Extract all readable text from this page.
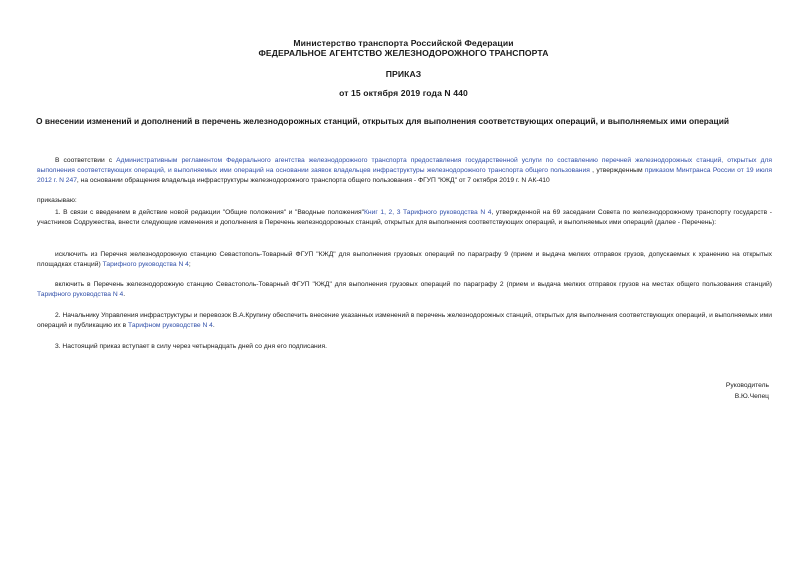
Министерство транспорта Российской Федерации
ФЕДЕРАЛЬНОЕ АГЕНТСТВО ЖЕЛЕЗНОДОРОЖНОГО ТРАНСПОРТА
ПРИКАЗ
от 15 октября 2019 года N 440
О внесении изменений и дополнений в перечень железнодорожных станций, открытых для выполнения соответствующих операций, и выполняемых ими операций

В соответствии с Административным регламентом Федерального агентства железнодорожного транспорта предоставления государственной услуги по составлению перечней железнодорожных станций, открытых для выполнения соответствующих операций, и выполняемых ими операций на основании заявок владельцев инфраструктуры железнодорожного транспорта общего пользования , утвержденным приказом Минтранса России от 19 июля 2012 г. N 247, на основании обращения владельца инфраструктуры железнодорожного транспорта общего пользования - ФГУП "КЖД" от 7 октября 2019 г. N АК-410

приказываю:

1. В связи с введением в действие новой редакции "Общие положения" и "Вводные положения"Книг 1, 2, 3 Тарифного руководства N 4, утвержденной на 69 заседании Совета по железнодорожному транспорту государств - участников Содружества, внести следующие изменения и дополнения в Перечень железнодорожных станций, открытых для выполнения соответствующих операций, и выполняемых ими операций (далее - Перечень):

исключить из Перечня железнодорожную станцию Севастополь-Товарный ФГУП "КЖД" для выполнения грузовых операций по параграфу 9 (прием и выдача мелких отправок грузов, допускаемых к хранению на открытых площадках станций) Тарифного руководства N 4;

включить в Перечень железнодорожную станцию Севастополь-Товарный ФГУП "КЖД" для выполнения грузовых операций по параграфу 2 (прием и выдача мелких отправок грузов на местах общего пользования станций) Тарифного руководства N 4.

2. Начальнику Управления инфраструктуры и перевозок В.А.Крупину обеспечить внесение указанных изменений в перечень железнодорожных станций, открытых для выполнения соответствующих операций, и выполняемых ими операций и публикацию их в Тарифном руководстве N 4.

3. Настоящий приказ вступает в силу через четырнадцать дней со дня его подписания.

Руководитель
В.Ю.Чепец
